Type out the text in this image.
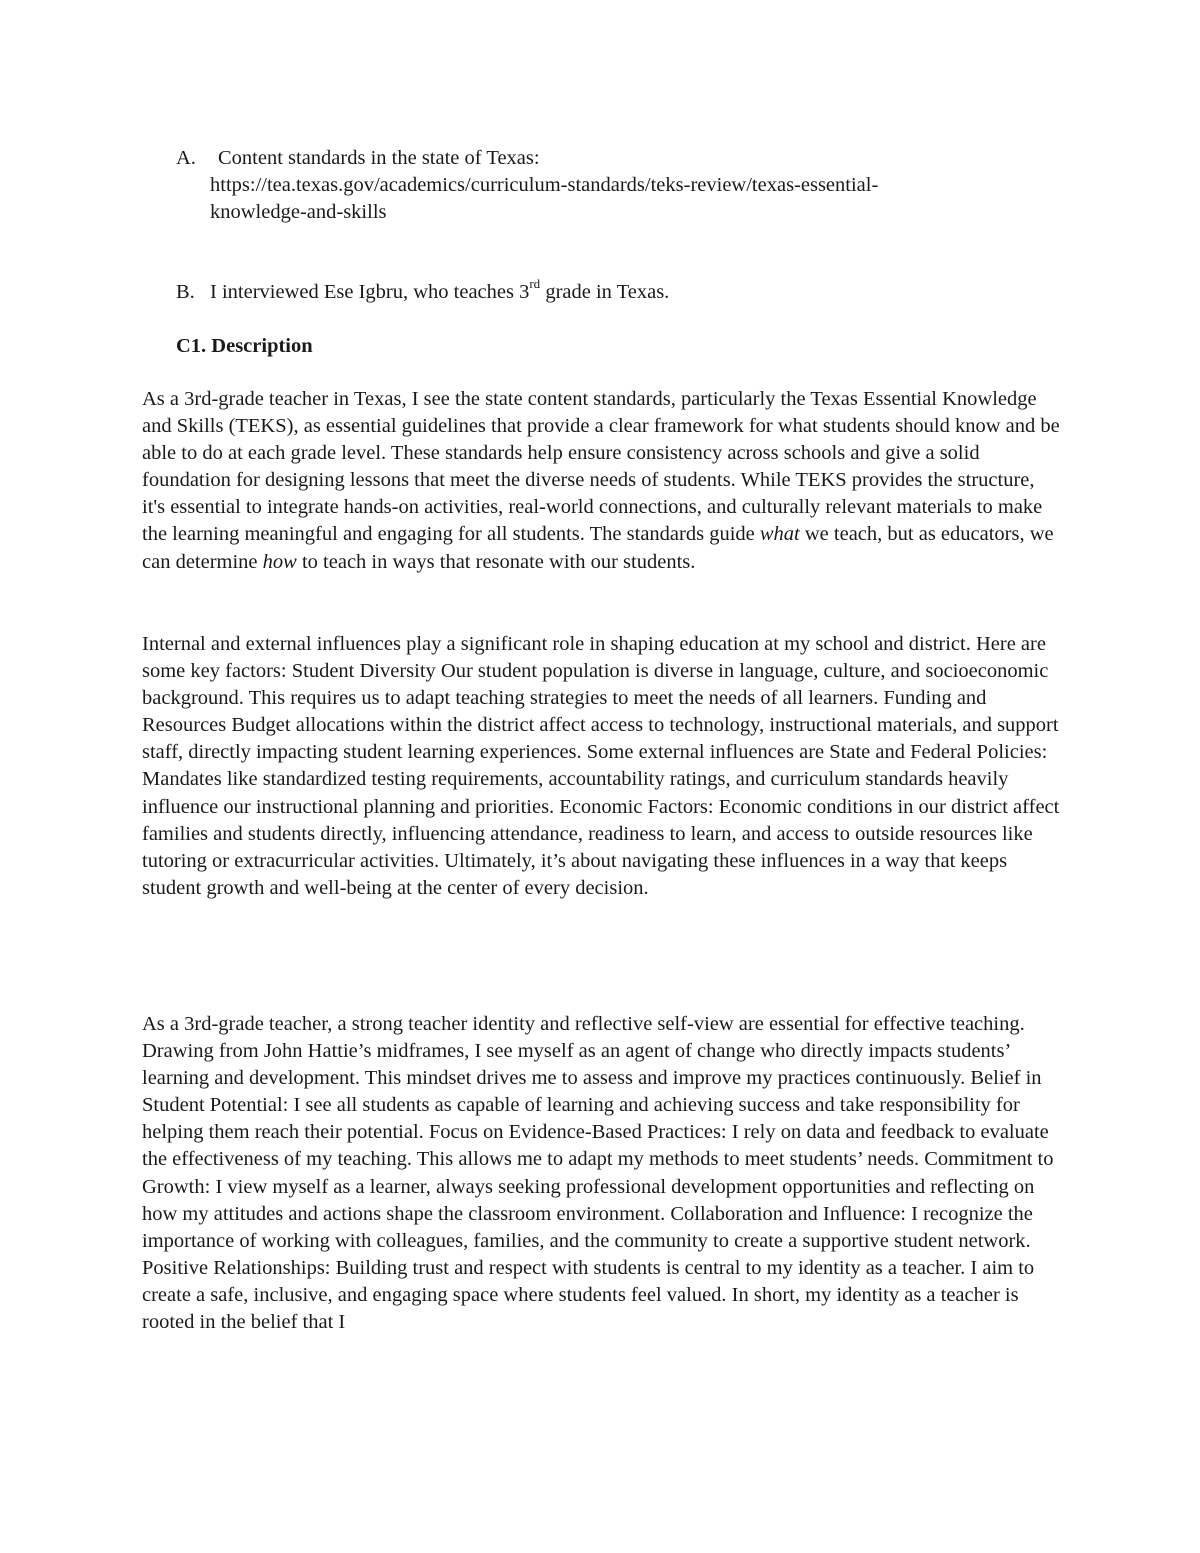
A. Content standards in the state of Texas:
https://tea.texas.gov/academics/curriculum-standards/teks-review/texas-essential-
knowledge-and-skills
B. I interviewed Ese Igbru, who teaches 3rd grade in Texas.
C1. Description

As a 3rd-grade teacher in Texas, I see the state content standards, particularly the Texas Essential Knowledge and Skills (TEKS), as essential guidelines that provide a clear framework for what students should know and be able to do at each grade level. These standards help ensure consistency across schools and give a solid foundation for designing lessons that meet the diverse needs of students. While TEKS provides the structure, it's essential to integrate hands-on activities, real-world connections, and culturally relevant materials to make the learning meaningful and engaging for all students. The standards guide what we teach, but as educators, we can determine how to teach in ways that resonate with our students.

Internal and external influences play a significant role in shaping education at my school and district. Here are some key factors: Student Diversity Our student population is diverse in language, culture, and socioeconomic background. This requires us to adapt teaching strategies to meet the needs of all learners. Funding and Resources Budget allocations within the district affect access to technology, instructional materials, and support staff, directly impacting student learning experiences. Some external influences are State and Federal Policies: Mandates like standardized testing requirements, accountability ratings, and curriculum standards heavily influence our instructional planning and priorities. Economic Factors: Economic conditions in our district affect families and students directly, influencing attendance, readiness to learn, and access to outside resources like tutoring or extracurricular activities. Ultimately, it’s about navigating these influences in a way that keeps student growth and well-being at the center of every decision.

As a 3rd-grade teacher, a strong teacher identity and reflective self-view are essential for effective teaching. Drawing from John Hattie’s midframes, I see myself as an agent of change who directly impacts students’ learning and development. This mindset drives me to assess and improve my practices continuously. Belief in Student Potential: I see all students as capable of learning and achieving success and take responsibility for helping them reach their potential. Focus on Evidence-Based Practices: I rely on data and feedback to evaluate the effectiveness of my teaching. This allows me to adapt my methods to meet students’ needs. Commitment to Growth: I view myself as a learner, always seeking professional development opportunities and reflecting on how my attitudes and actions shape the classroom environment. Collaboration and Influence: I recognize the importance of working with colleagues, families, and the community to create a supportive student network. Positive Relationships: Building trust and respect with students is central to my identity as a teacher. I aim to create a safe, inclusive, and engaging space where students feel valued. In short, my identity as a teacher is rooted in the belief that I
